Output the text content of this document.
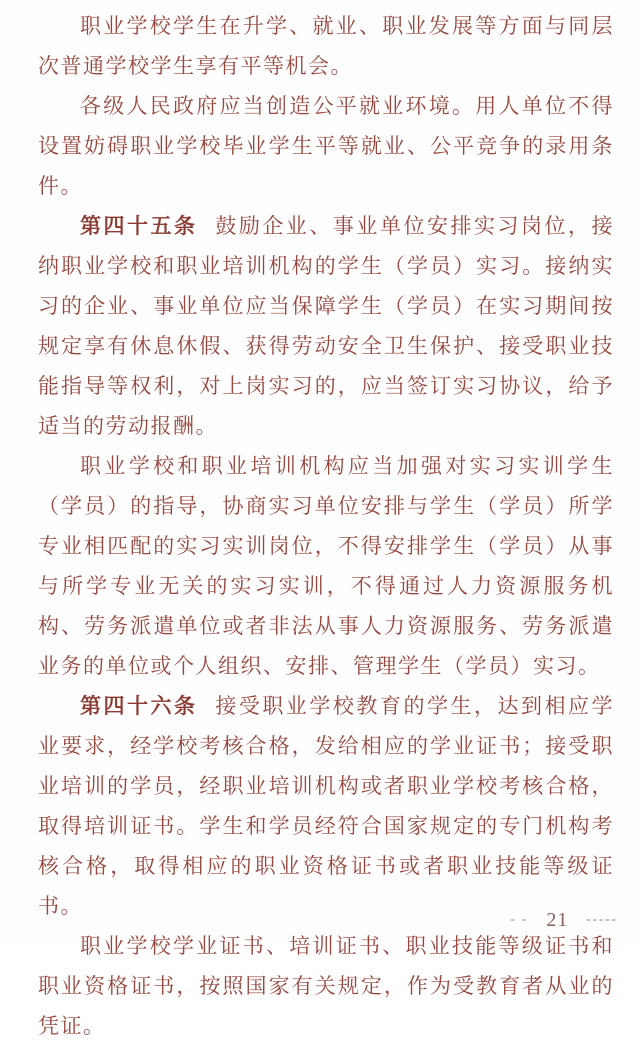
职业学校学生在升学、就业、职业发展等方面与同层次普通学校学生享有平等机会。

各级人民政府应当创造公平就业环境。用人单位不得设置妨碍职业学校毕业学生平等就业、公平竞争的录用条件。

第四十五条 鼓励企业、事业单位安排实习岗位，接纳职业学校和职业培训机构的学生（学员）实习。接纳实习的企业、事业单位应当保障学生（学员）在实习期间按规定享有休息休假、获得劳动安全卫生保护、接受职业技能指导等权利，对上岗实习的，应当签订实习协议，给予适当的劳动报酬。

职业学校和职业培训机构应当加强对实习实训学生（学员）的指导，协商实习单位安排与学生（学员）所学专业相匹配的实习实训岗位，不得安排学生（学员）从事与所学专业无关的实习实训，不得通过人力资源服务机构、劳务派遣单位或者非法从事人力资源服务、劳务派遣业务的单位或个人组织、安排、管理学生（学员）实习。

第四十六条 接受职业学校教育的学生，达到相应学业要求，经学校考核合格，发给相应的学业证书；接受职业培训的学员，经职业培训机构或者职业学校考核合格，取得培训证书。学生和学员经符合国家规定的专门机构考核合格，取得相应的职业资格证书或者职业技能等级证书。

职业学校学业证书、培训证书、职业技能等级证书和职业资格证书，按照国家有关规定，作为受教育者从业的凭证。

- - 21 -----
